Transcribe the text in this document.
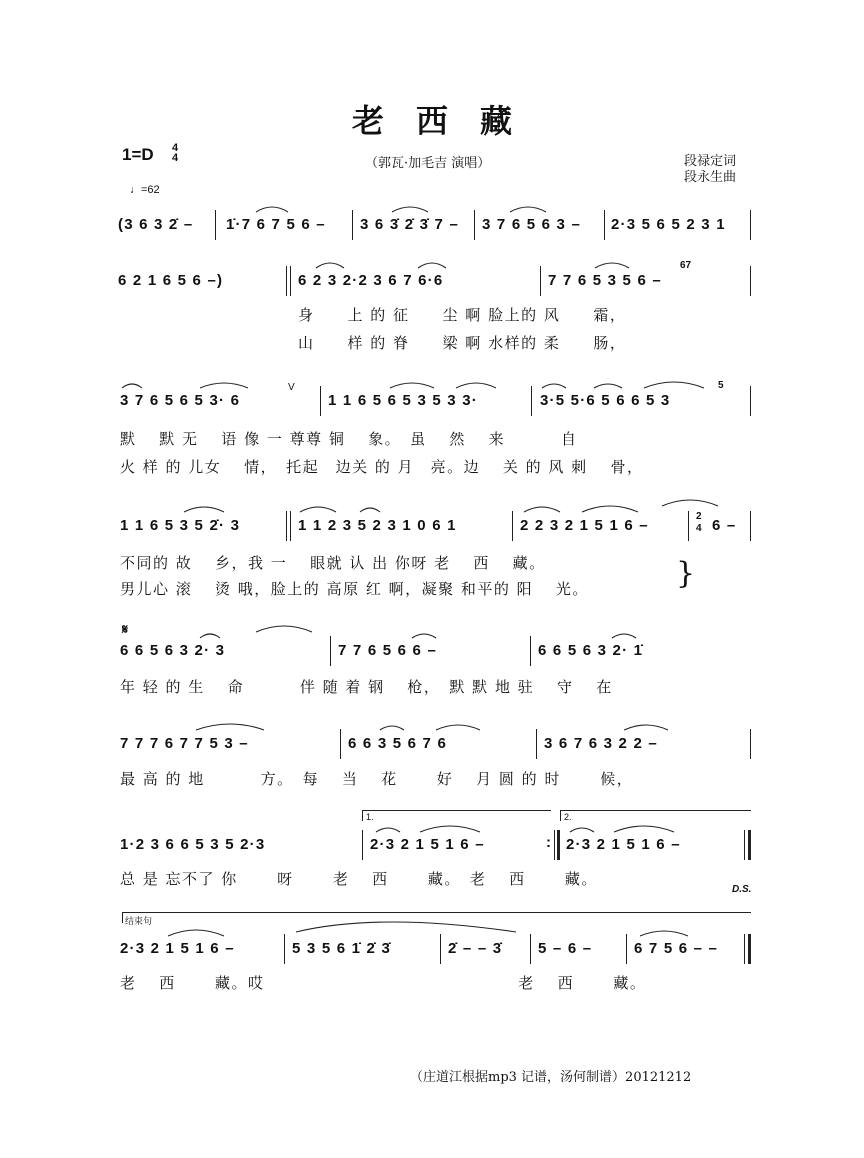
老　西　藏
1=D 4
4
♩=62
（郭瓦·加毛吉 演唱）	段禄定词
段永生曲
(3 6 3 2̇ – 1̇·7 6 7 5 6 – 3 6 3̇ 2̇ 3̇ 7 – 3 7 6 5 6 3 – 2·3 5 6 5 2 3 1
6 2 1 6 5 6 –)	6 2 3 2·2 3 6 7 6·6	7 7 6 5 3 5 6 –
67
身　　上 的 征　　尘 啊 脸上的 风　　霜，
山　　样 的 脊　　梁 啊 水样的 柔　　肠，
3 7 6 5 6 5 3· 6
V
1 1 6 5 6 5 3 5 3 3·	3·5 5·6 5 6 6 5 3
5
默　 默 无　 语 像 一 尊尊 铜　 象。　虽　 然　 来　　　 自
火 样 的 儿女　 情，　托起　边关 的 月　亮。边　 关 的 风 刺　 骨，
1 1 6 5 3 5 2̇· 3	1 1 2 3 5 2 3 1 0 6 1	2 2 3 2 1 5 1 6 –
2
4 6 –
不同的 故　 乡，我 一　 眼就 认 出 你呀 老　 西　 藏。
男儿心 滚　 烫 哦，脸上的 高原 红 啊，凝聚 和平的 阳　 光。	}
𝄋
6 6 5 6 3 2· 3	7 7 6 5 6 6 –	6 6 5 6 3 2· 1̇
年 轻 的 生　 命　　　 伴 随 着 钢　 枪，　默 默 地 驻　 守　 在
7 7 7 6 7 7 5 3 –	6 6 3 5 6 7 6	3 6 7 6 3 2 2 –
最 高 的 地　　　 方。　每　 当　 花　　 好　 月 圆 的 时　　 候，
1.	2.
1·2 3 6 6 5 3 5 2·3	2·3 2 1 5 1 6 –	: 2·3 2 1 5 1 6 –
总 是 忘不了 你　　 呀　　 老　 西　　 藏。　老　 西　　 藏。
D.S.
结束句
2·3 2 1 5 1 6 –	5 3 5 6 1̇ 2̇ 3̇	2̇ – – 3̇ 5 – 6 –	6 7 5 6 – –
老　 西　　 藏。哎　　　　　　　　　　　　　　　 老　 西　　 藏。
（庄道江根据mp3 记谱，汤何制谱）20121212
